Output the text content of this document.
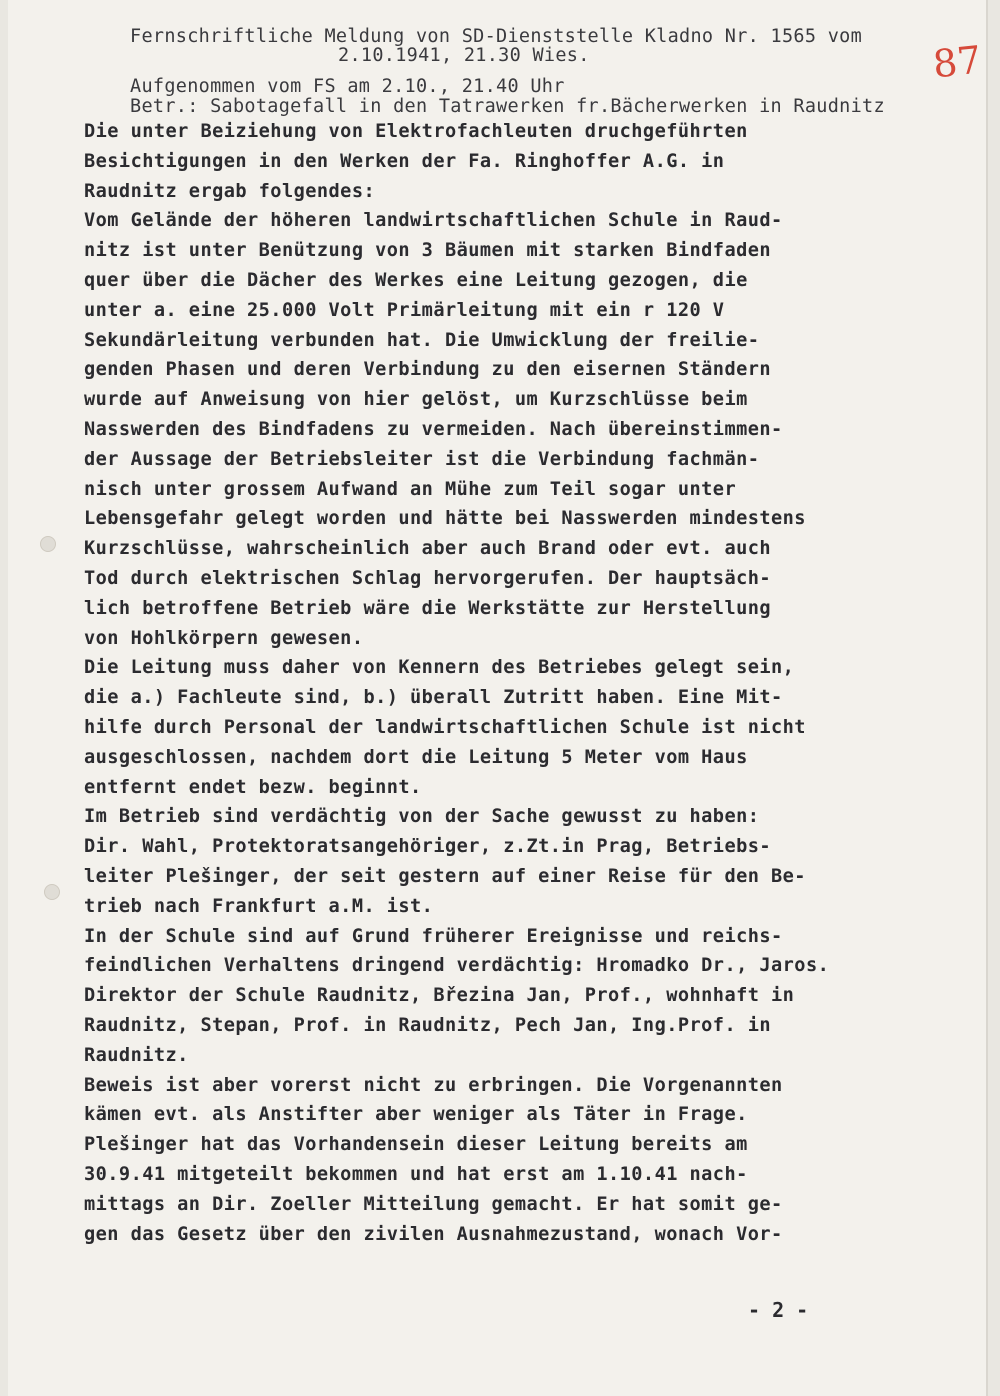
87
Fernschriftliche Meldung von SD-Dienststelle Kladno Nr. 1565 vom
2.10.1941, 21.30 Wies.
Aufgenommen vom FS am 2.10., 21.40 Uhr
Betr.: Sabotagefall in den Tatrawerken fr.Bächerwerken in Raudnitz
Die unter Beiziehung von Elektrofachleuten druchgeführten
Besichtigungen in den Werken der Fa. Ringhoffer A.G. in
Raudnitz ergab folgendes:
Vom Gelände der höheren landwirtschaftlichen Schule in Raud-
nitz ist unter Benützung von 3 Bäumen mit starken Bindfaden
quer über die Dächer des Werkes eine Leitung gezogen, die
unter a. eine 25.000 Volt Primärleitung mit ein r 120 V
Sekundärleitung verbunden hat. Die Umwicklung der freilie-
genden Phasen und deren Verbindung zu den eisernen Ständern
wurde auf Anweisung von hier gelöst, um Kurzschlüsse beim
Nasswerden des Bindfadens zu vermeiden. Nach übereinstimmen-
der Aussage der Betriebsleiter ist die Verbindung fachmän-
nisch unter grossem Aufwand an Mühe zum Teil sogar unter
Lebensgefahr gelegt worden und hätte bei Nasswerden mindestens
Kurzschlüsse, wahrscheinlich aber auch Brand oder evt. auch
Tod durch elektrischen Schlag hervorgerufen. Der hauptsäch-
lich betroffene Betrieb wäre die Werkstätte zur Herstellung
von Hohlkörpern gewesen.
Die Leitung muss daher von Kennern des Betriebes gelegt sein,
die a.) Fachleute sind, b.) überall Zutritt haben. Eine Mit-
hilfe durch Personal der landwirtschaftlichen Schule ist nicht
ausgeschlossen, nachdem dort die Leitung 5 Meter vom Haus
entfernt endet bezw. beginnt.
Im Betrieb sind verdächtig von der Sache gewusst zu haben:
Dir. Wahl, Protektoratsangehöriger, z.Zt.in Prag, Betriebs-
leiter Plešinger, der seit gestern auf einer Reise für den Be-
trieb nach Frankfurt a.M. ist.
In der Schule sind auf Grund früherer Ereignisse und reichs-
feindlichen Verhaltens dringend verdächtig: Hromadko Dr., Jaros.
Direktor der Schule Raudnitz, Březina Jan, Prof., wohnhaft in
Raudnitz, Stepan, Prof. in Raudnitz, Pech Jan, Ing.Prof. in
Raudnitz.
Beweis ist aber vorerst nicht zu erbringen. Die Vorgenannten
kämen evt. als Anstifter aber weniger als Täter in Frage.
Plešinger hat das Vorhandensein dieser Leitung bereits am
30.9.41 mitgeteilt bekommen und hat erst am 1.10.41 nach-
mittags an Dir. Zoeller Mitteilung gemacht. Er hat somit ge-
gen das Gesetz über den zivilen Ausnahmezustand, wonach Vor-
- 2 -
